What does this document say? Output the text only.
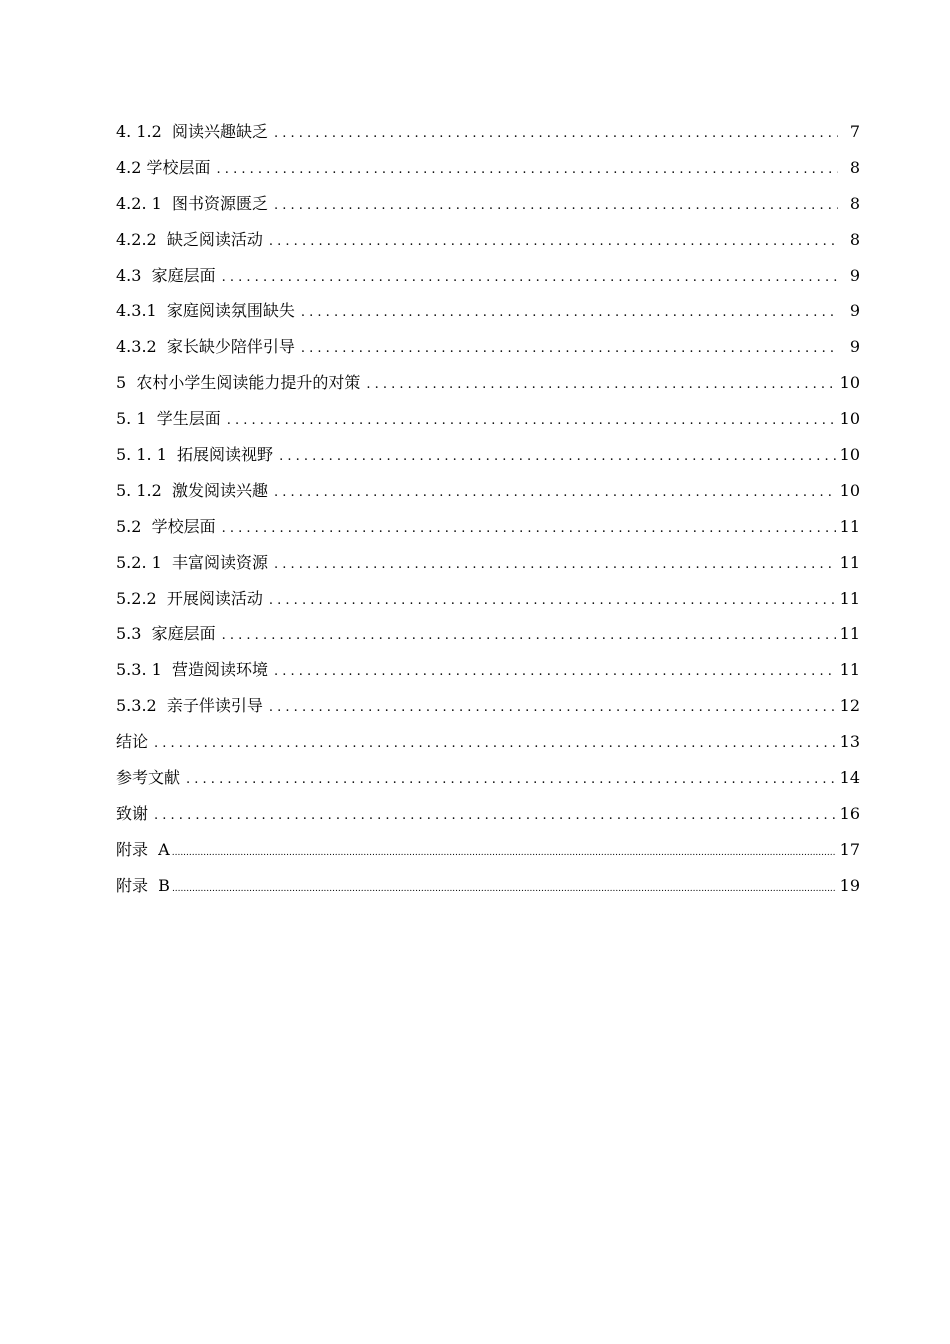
4. 1.2  阅读兴趣缺乏 . . .	7
4.2 学校层面 . . .	8
4.2. 1  图书资源匮乏 . . .	8
4.2.2  缺乏阅读活动 . . .	8
4.3  家庭层面 . . .	9
4.3.1  家庭阅读氛围缺失 . . .	9
4.3.2  家长缺少陪伴引导 . . .	9
5  农村小学生阅读能力提升的对策 . . .	10
5. 1  学生层面 . . .	10
5. 1. 1  拓展阅读视野 . . .	10
5. 1.2  激发阅读兴趣 . . .	10
5.2  学校层面 . . .	11
5.2. 1  丰富阅读资源 . . .	11
5.2.2  开展阅读活动 . . .	11
5.3  家庭层面 . . .	11
5.3. 1  营造阅读环境 . . .	11
5.3.2  亲子伴读引导 . . .	12
结论 . . .	13
参考文献 . . .	14
致谢 . . .	16
附录  A .....	17
附录  B .....	19
